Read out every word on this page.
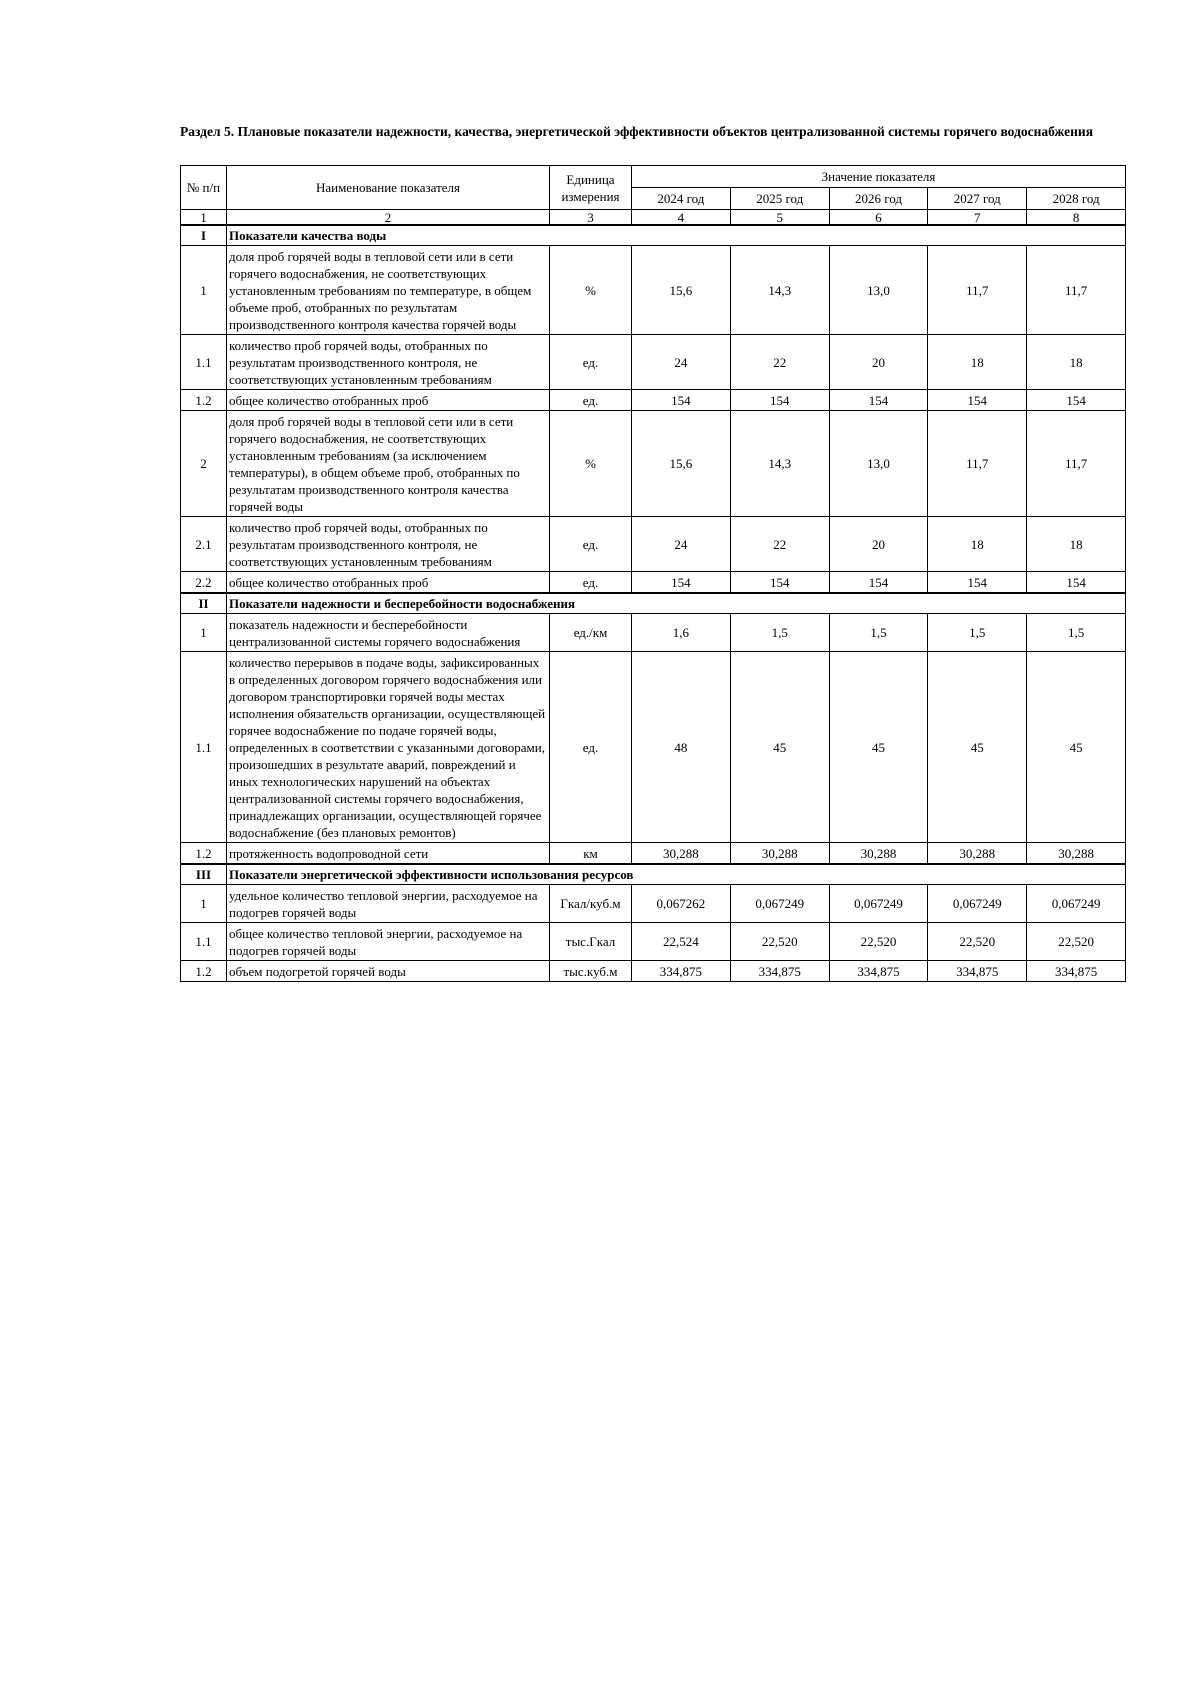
Раздел 5. Плановые показатели надежности, качества, энергетической эффективности объектов централизованной системы горячего водоснабжения
№ п/п	Наименование показателя	Единица измерения	Значение показателя				
			2024 год	2025 год	2026 год	2027 год	2028 год
1	2	3	4	5	6	7	8
I	Показатели качества воды						
1	доля проб горячей воды в тепловой сети или в сети горячего водоснабжения, не соответствующих установленным требованиям по температуре, в общем объеме проб, отобранных по результатам производственного контроля качества горячей воды	%	15,6	14,3	13,0	11,7	11,7
1.1	количество проб горячей воды, отобранных по результатам производственного контроля, не соответствующих установленным требованиям	ед.	24	22	20	18	18
1.2	общее количество отобранных проб	ед.	154	154	154	154	154
2	доля проб горячей воды в тепловой сети или в сети горячего водоснабжения, не соответствующих установленным требованиям (за исключением температуры), в общем объеме проб, отобранных по результатам производственного контроля качества горячей воды	%	15,6	14,3	13,0	11,7	11,7
2.1	количество проб горячей воды, отобранных по результатам производственного контроля, не соответствующих установленным требованиям	ед.	24	22	20	18	18
2.2	общее количество отобранных проб	ед.	154	154	154	154	154
II	Показатели надежности и бесперебойности водоснабжения						
1	показатель надежности и бесперебойности централизованной системы горячего водоснабжения	ед./км	1,6	1,5	1,5	1,5	1,5
1.1	количество перерывов в подаче воды, зафиксированных в определенных договором горячего водоснабжения или договором транспортировки горячей воды местах исполнения обязательств организации, осуществляющей горячее водоснабжение по подаче горячей воды, определенных в соответствии с указанными договорами, произошедших в результате аварий, повреждений и иных технологических нарушений на объектах централизованной системы горячего водоснабжения, принадлежащих организации, осуществляющей горячее водоснабжение (без плановых ремонтов)	ед.	48	45	45	45	45
1.2	протяженность водопроводной сети	км	30,288	30,288	30,288	30,288	30,288
III	Показатели энергетической эффективности использования ресурсов						
1	удельное количество тепловой энергии, расходуемое на подогрев горячей воды	Гкал/куб.м	0,067262	0,067249	0,067249	0,067249	0,067249
1.1	общее количество тепловой энергии, расходуемое на подогрев горячей воды	тыс.Гкал	22,524	22,520	22,520	22,520	22,520
1.2	объем подогретой горячей воды	тыс.куб.м	334,875	334,875	334,875	334,875	334,875
